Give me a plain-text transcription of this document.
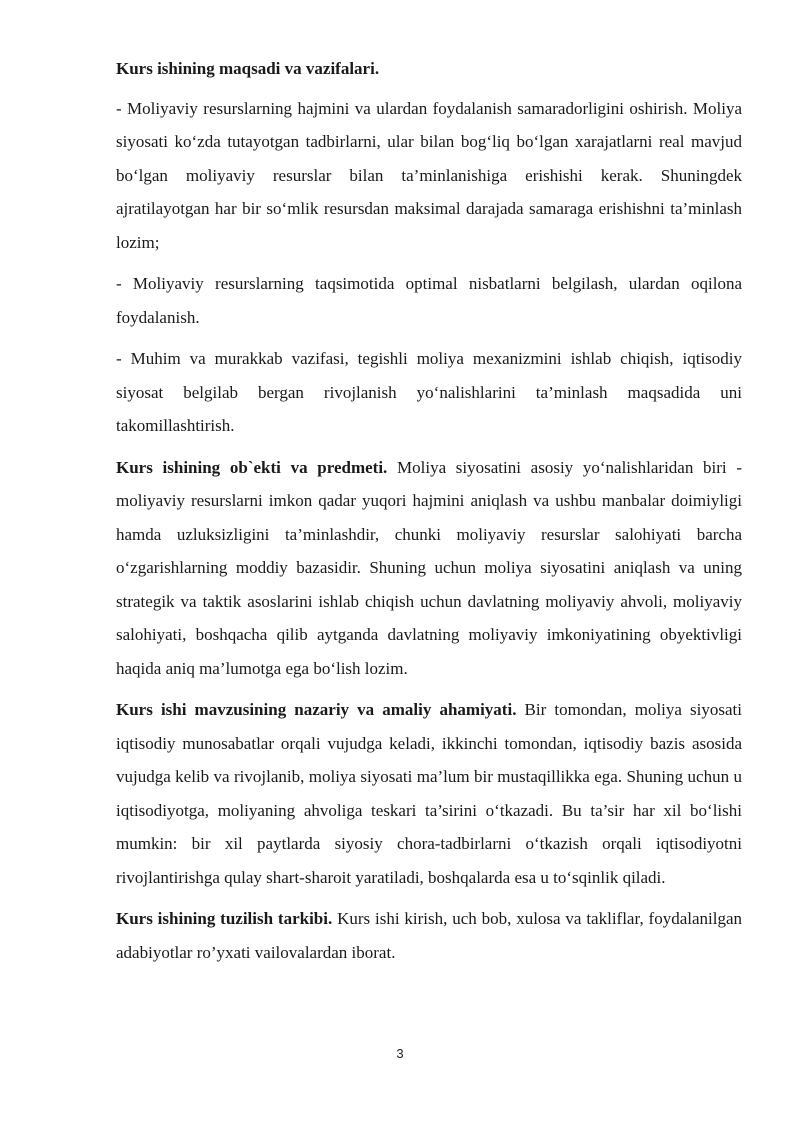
Kurs ishining maqsadi va vazifalari.

- Moliyaviy resurslarning hajmini va ulardan foydalanish samaradorligini oshirish. Moliya siyosati ko‘zda tutayotgan tadbirlarni, ular bilan bog‘liq bo‘lgan xarajatlarni real mavjud bo‘lgan moliyaviy resurslar bilan ta’minlanishiga erishishi kerak. Shuningdek ajratilayotgan har bir so‘mlik resursdan maksimal darajada samaraga erishishni ta’minlash lozim;

- Moliyaviy resurslarning taqsimotida optimal nisbatlarni belgilash, ulardan oqilona foydalanish.

- Muhim va murakkab vazifasi, tegishli moliya mexanizmini ishlab chiqish, iqtisodiy siyosat belgilab bergan rivojlanish yo‘nalishlarini ta’minlash maqsadida uni takomillashtirish.

Kurs ishining ob`ekti va predmeti. Moliya siyosatini asosiy yo‘nalishlaridan biri - moliyaviy resurslarni imkon qadar yuqori hajmini aniqlash va ushbu manbalar doimiyligi hamda uzluksizligini ta’minlashdir, chunki moliyaviy resurslar salohiyati barcha o‘zgarishlarning moddiy bazasidir. Shuning uchun moliya siyosatini aniqlash va uning strategik va taktik asoslarini ishlab chiqish uchun davlatning moliyaviy ahvoli, moliyaviy salohiyati, boshqacha qilib aytganda davlatning moliyaviy imkoniyatining obyektivligi haqida aniq ma’lumotga ega bo‘lish lozim.

Kurs ishi mavzusining nazariy va amaliy ahamiyati. Bir tomondan, moliya siyosati iqtisodiy munosabatlar orqali vujudga keladi, ikkinchi tomondan, iqtisodiy bazis asosida vujudga kelib va rivojlanib, moliya siyosati ma’lum bir mustaqillikka ega. Shuning uchun u iqtisodiyotga, moliyaning ahvoliga teskari ta’sirini o‘tkazadi. Bu ta’sir har xil bo‘lishi mumkin: bir xil paytlarda siyosiy chora-tadbirlarni o‘tkazish orqali iqtisodiyotni rivojlantirishga qulay shart-sharoit yaratiladi, boshqalarda esa u to‘sqinlik qiladi.

Kurs ishining tuzilish tarkibi. Kurs ishi kirish, uch bob, xulosa va takliflar, foydalanilgan adabiyotlar ro’yxati vailovalardan iborat.

3
